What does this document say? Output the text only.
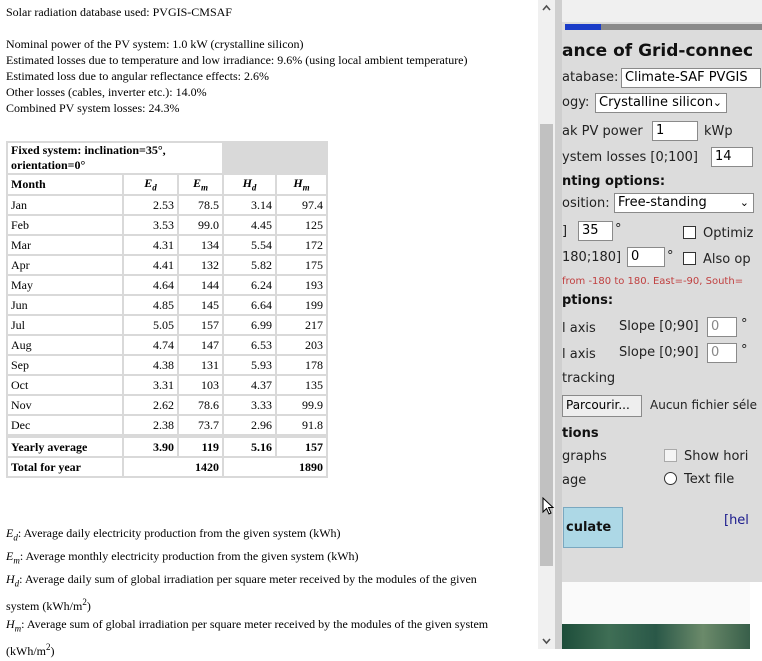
Solar radiation database used: PVGIS-CMSAF
Nominal power of the PV system: 1.0 kW (crystalline silicon)
Estimated losses due to temperature and low irradiance: 9.6% (using local ambient temperature)
Estimated loss due to angular reflectance effects: 2.6%
Other losses (cables, inverter etc.): 14.0%
Combined PV system losses: 24.3%
Fixed system: inclination=35°, orientation=0°				
Month	$E_d$	$E_m$	$H_d$	$H_m$
Jan	2.53	78.5	3.14	97.4
Feb	3.53	99.0	4.45	125
Mar	4.31	134	5.54	172
Apr	4.41	132	5.82	175
May	4.64	144	6.24	193
Jun	4.85	145	6.64	199
Jul	5.05	157	6.99	217
Aug	4.74	147	6.53	203
Sep	4.38	131	5.93	178
Oct	3.31	103	4.37	135
Nov	2.62	78.6	3.33	99.9
Dec	2.38	73.7	2.96	91.8

Yearly average	3.90	119	5.16	157
Total for year	1420		1890	

$E_d$: Average daily electricity production from the given system (kWh)

$E_m$: Average monthly electricity production from the given system (kWh)

$H_d$: Average daily sum of global irradiation per square meter received by the modules of the given system $(kWh/m^2)$

$H_m$: Average sum of global irradiation per square meter received by the modules of the given system $(kWh/m^2)$

ance of Grid-connec
atabase: Climate-SAF PVGIS
ogy: Crystalline silicon ⌄
ak PV power	1	kWp
ystem losses [0;100]	14
nting options:
osition: Free-standing	⌄
]	35	°	Optimiz
180;180] 0	° Also op
from -180 to 180. East=-90, South=
ptions:
l axis Slope [0;90] 0	°
l axis Slope [0;90] 0	°
tracking
Parcourir...	Aucun fichier séle
tions
graphs	Show hori
age	Text file
culate	[hel
